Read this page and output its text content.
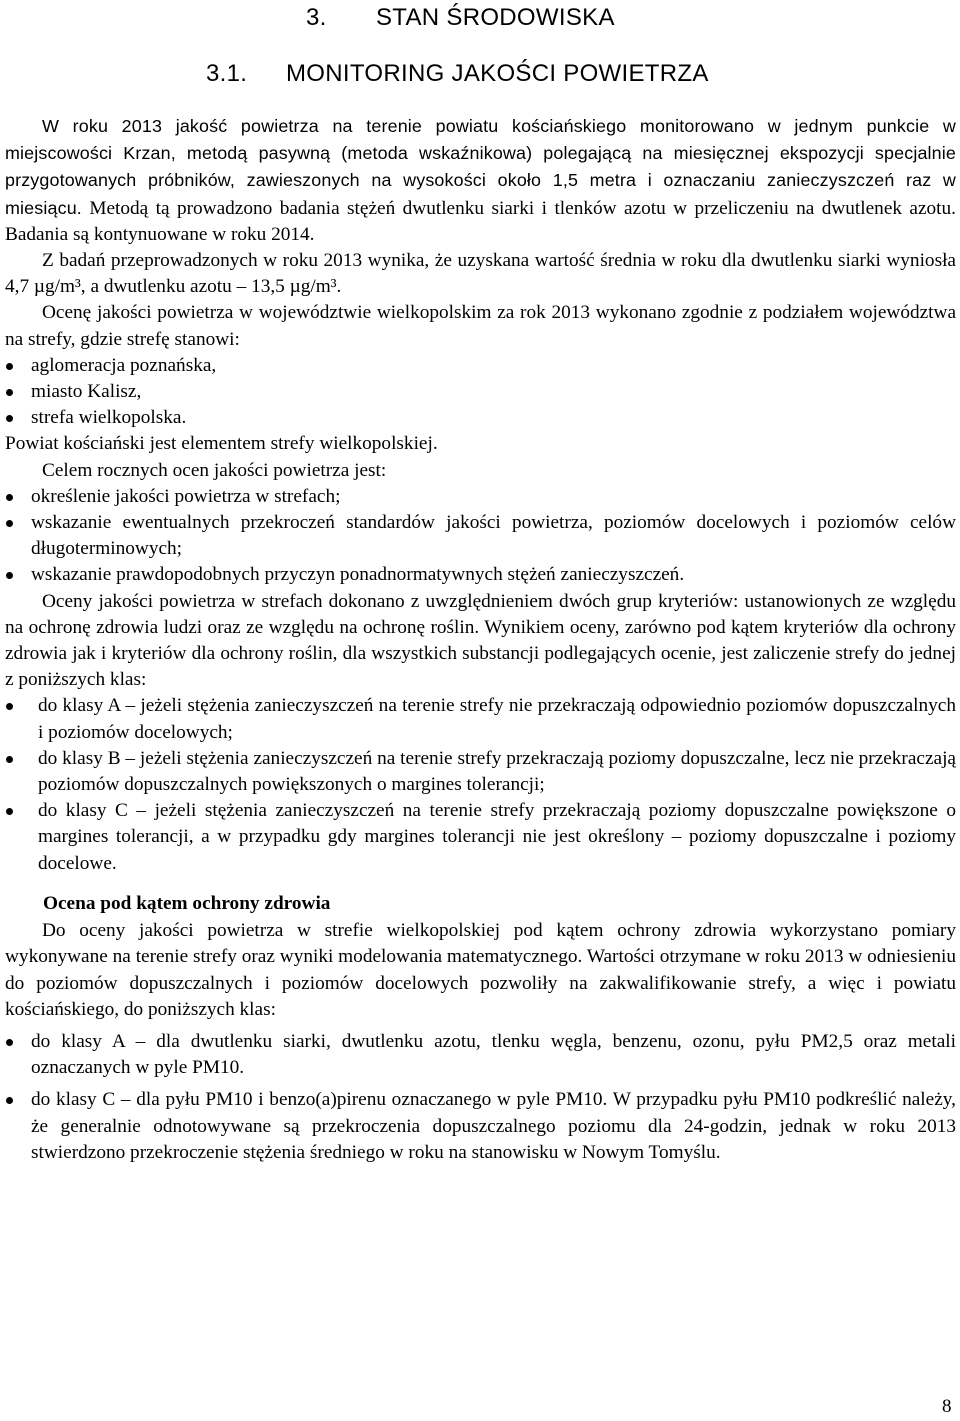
3. STAN ŚRODOWISKA
3.1. MONITORING JAKOŚCI POWIETRZA

W roku 2013 jakość powietrza na terenie powiatu kościańskiego monitorowano w jednym punkcie w miejscowości Krzan, metodą pasywną (metoda wskaźnikowa) polegającą na miesięcznej ekspozycji specjalnie przygotowanych próbników, zawieszonych na wysokości około 1,5 metra i oznaczaniu zanieczyszczeń raz w miesiącu. Metodą tą prowadzono badania stężeń dwutlenku siarki i tlenków azotu w przeliczeniu na dwutlenek azotu. Badania są kontynuowane w roku 2014.

Z badań przeprowadzonych w roku 2013 wynika, że uzyskana wartość średnia w roku dla dwutlenku siarki wyniosła 4,7 µg/m³, a dwutlenku azotu – 13,5 µg/m³.

Ocenę jakości powietrza w województwie wielkopolskim za rok 2013 wykonano zgodnie z podziałem województwa na strefy, gdzie strefę stanowi:

aglomeracja poznańska,
miasto Kalisz,
strefa wielkopolska.

Powiat kościański jest elementem strefy wielkopolskiej.

Celem rocznych ocen jakości powietrza jest:

określenie jakości powietrza w strefach;
wskazanie ewentualnych przekroczeń standardów jakości powietrza, poziomów docelowych i poziomów celów długoterminowych;
wskazanie prawdopodobnych przyczyn ponadnormatywnych stężeń zanieczyszczeń.

Oceny jakości powietrza w strefach dokonano z uwzględnieniem dwóch grup kryteriów: ustanowionych ze względu na ochronę zdrowia ludzi oraz ze względu na ochronę roślin. Wynikiem oceny, zarówno pod kątem kryteriów dla ochrony zdrowia jak i kryteriów dla ochrony roślin, dla wszystkich substancji podlegających ocenie, jest zaliczenie strefy do jednej z poniższych klas:

do klasy A – jeżeli stężenia zanieczyszczeń na terenie strefy nie przekraczają odpowiednio poziomów dopuszczalnych i poziomów docelowych;
do klasy B – jeżeli stężenia zanieczyszczeń na terenie strefy przekraczają poziomy dopuszczalne, lecz nie przekraczają poziomów dopuszczalnych powiększonych o margines tolerancji;
do klasy C – jeżeli stężenia zanieczyszczeń na terenie strefy przekraczają poziomy dopuszczalne powiększone o margines tolerancji, a w przypadku gdy margines tolerancji nie jest określony – poziomy dopuszczalne i poziomy docelowe.

Ocena pod kątem ochrony zdrowia

Do oceny jakości powietrza w strefie wielkopolskiej pod kątem ochrony zdrowia wykorzystano pomiary wykonywane na terenie strefy oraz wyniki modelowania matematycznego. Wartości otrzymane w roku 2013 w odniesieniu do poziomów dopuszczalnych i poziomów docelowych pozwoliły na zakwalifikowanie strefy, a więc i powiatu kościańskiego, do poniższych klas:

do klasy A – dla dwutlenku siarki, dwutlenku azotu, tlenku węgla, benzenu, ozonu, pyłu PM2,5 oraz metali oznaczanych w pyle PM10.
do klasy C – dla pyłu PM10 i benzo(a)pirenu oznaczanego w pyle PM10. W przypadku pyłu PM10 podkreślić należy, że generalnie odnotowywane są przekroczenia dopuszczalnego poziomu dla 24-godzin, jednak w roku 2013 stwierdzono przekroczenie stężenia średniego w roku na stanowisku w Nowym Tomyślu.
8
